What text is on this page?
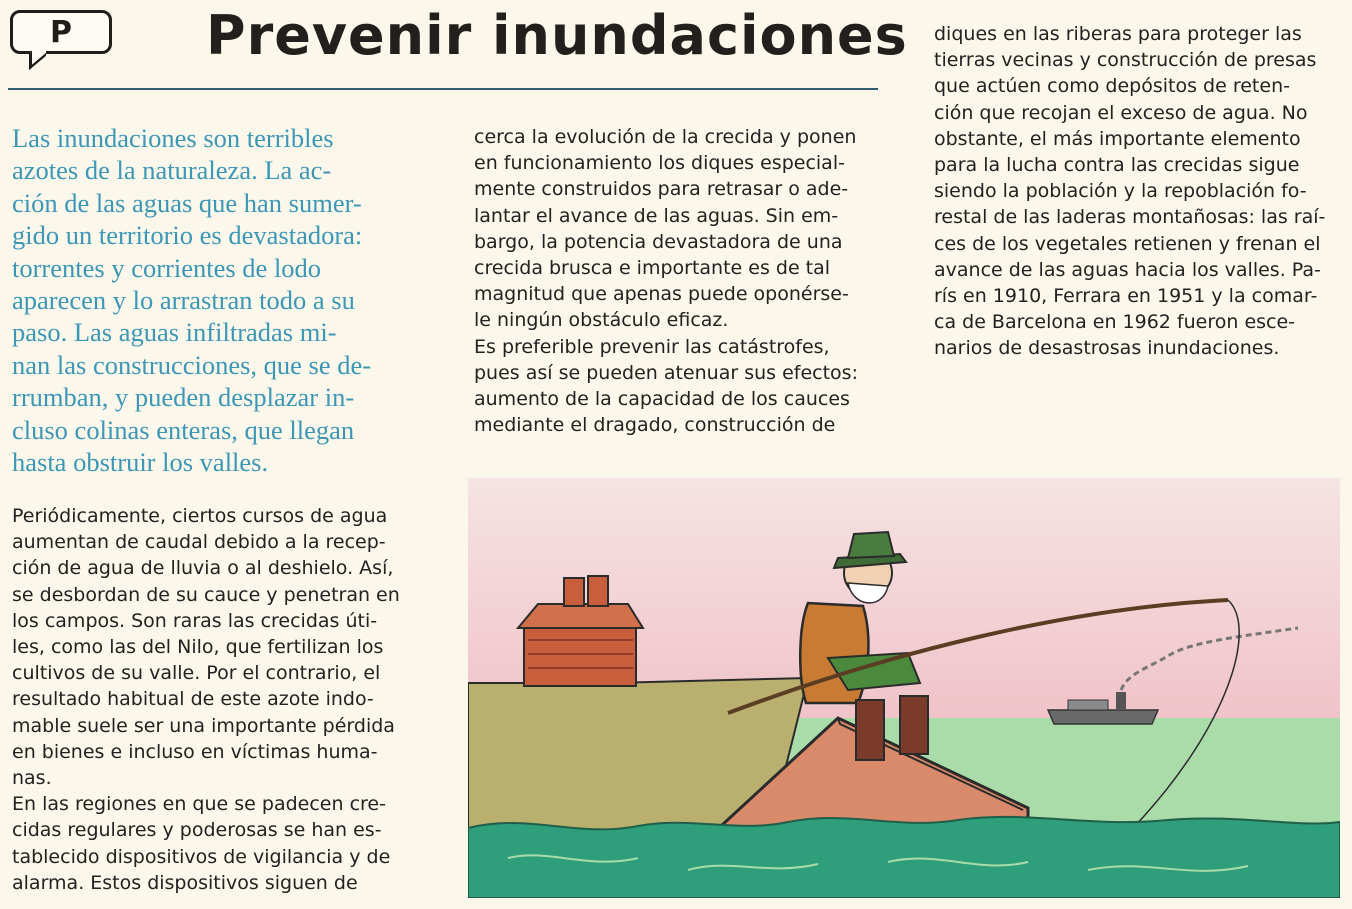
P Prevenir inundaciones
Las inundaciones son terribles
azotes de la naturaleza. La ac-
ción de las aguas que han sumer-
gido un territorio es devastadora:
torrentes y corrientes de lodo
aparecen y lo arrastran todo a su
paso. Las aguas infiltradas mi-
nan las construcciones, que se de-
rrumban, y pueden desplazar in-
cluso colinas enteras, que llegan
hasta obstruir los valles.
Periódicamente, ciertos cursos de agua
aumentan de caudal debido a la recep-
ción de agua de lluvia o al deshielo. Así,
se desbordan de su cauce y penetran en
los campos. Son raras las crecidas úti-
les, como las del Nilo, que fertilizan los
cultivos de su valle. Por el contrario, el
resultado habitual de este azote indo-
mable suele ser una importante pérdida
en bienes e incluso en víctimas huma-
nas.
En las regiones en que se padecen cre-
cidas regulares y poderosas se han es-
tablecido dispositivos de vigilancia y de
alarma. Estos dispositivos siguen de
cerca la evolución de la crecida y ponen
en funcionamiento los diques especial-
mente construidos para retrasar o ade-
lantar el avance de las aguas. Sin em-
bargo, la potencia devastadora de una
crecida brusca e importante es de tal
magnitud que apenas puede oponérse-
le ningún obstáculo eficaz.
Es preferible prevenir las catástrofes,
pues así se pueden atenuar sus efectos:
aumento de la capacidad de los cauces
mediante el dragado, construcción de
diques en las riberas para proteger las
tierras vecinas y construcción de presas
que actúen como depósitos de reten-
ción que recojan el exceso de agua. No
obstante, el más importante elemento
para la lucha contra las crecidas sigue
siendo la población y la repoblación fo-
restal de las laderas montañosas: las raí-
ces de los vegetales retienen y frenan el
avance de las aguas hacia los valles. Pa-
rís en 1910, Ferrara en 1951 y la comar-
ca de Barcelona en 1962 fueron esce-
narios de desastrosas inundaciones.
